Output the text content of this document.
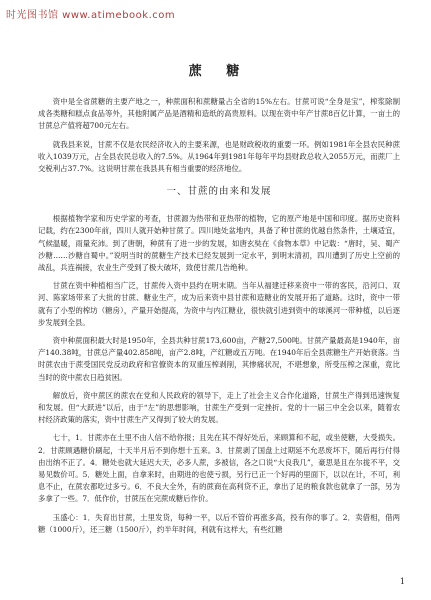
时光图书馆 www.atimebook.com
蔗 糖

资中是全省蔗糖的主要产地之一，种蔗面积和蔗糖量占全省的15%左右。甘蔗可说“全身是宝”，榨浆除制成各类糖和糕点食品等外，其他附属产品是酒精和造纸的高贵原料。以现在资中年产甘蔗8百亿计算，一亩土的甘蔗总产值将超700元左右。

就我县来说，甘蔗不仅是农民经济收入的主要来源，也是财政税收的重要一环。例如1981年全县农民种蔗收入1039万元，占全县农民总收入的7.5%。从1964年到1981年每年平均县财政总收入2055万元，而蔗厂上交税利占37.7%。这说明甘蔗在我县具有相当重要的经济地位。

一、甘蔗的由来和发展

根据植物学家和历史学家的考查，甘蔗源为热带和亚热带的植物，它的原产地是中国和印度。据历史资料记载，约在2300年前，四川人就开始种甘蔗了。四川地处盆地内，具备了种甘蔗的优越自然条件，土壤适宜，气候温暖，雨量充沛。到了唐朝，种蔗有了进一步的发展，如唐玄奘在《食物本草》中记载：“唐时，吴、蜀产沙糖……沙糖自蜀中。”说明当时的蔗糖生产技术已经发展到一定水平，到明末清初，四川遭到了历史上空前的战乱，兵连祸接，农业生产受到了极大破坏，致使甘蔗几告绝种。

甘蔗在资中种植相当广泛，甘蔗传入资中县约在明末期。当年从福建迁移来资中一带的客民，沿河口、双河、陈家场带来了大批的甘蔗、糖业生产，成为后来资中县甘蔗和造糖业的发展开拓了道路。这时，资中一带就有了小型的榨坊（糖房），产量开始提高，为资中与内江糖业，很快就引进到资中的球溪河一带种植，以后逐步发展到全县。

资中种蔗面积最大时是1950年，全县共种甘蔗173,600亩，产糖27,500吨。甘蔗产量最高是1940年，亩产140.38吨，甘蔗总产量402.858吨，亩产2.8吨，产红糖或五万吨。在1940年后全县蔗糖生产开始衰落。当时蔗农由于蔗受国民党反动政府和官僚资本的双重压榨剥削，其惨痛状况，不堪想象，所受压榨之深重，竟比当时的资中蔗农日趋贫困。

解放后，资中蔗区的蔗农在党和人民政府的领导下，走上了社会主义合作化道路，甘蔗生产得到迅速恢复和发展。但“大跃进”以后，由于“左”的思想影响，甘蔗生产受到一定挫折。党的十一届三中全会以来，随着农村经济政策的落实，资中甘蔗生产又得到了较大的发展。

七十，1．甘蔗亦在土里不由人信不给你报；且先在其不得好处后，来顾算和不起，或坐使糖，大受损失。2．甘蔗顾遇糖价刷起，十天半月后不到你想十五来。3．甘蔗剥了国盘上过期延不允恶废坏下，随后再行付得由出纳不正了。4．糖处也就大延迟大天，必多人蔗，多被信，各之口说“大良我几”，豪思是且在尔拢不平，交易见数价可。5．糖处上面，自拿来时，由期进的也使亏损，另行已正一个好再的里面下，以以在计，不可，利息不止，在蔗农都吃过多亏。6．不良大全外，有的蔗商在高利贷不正，拿出了足的粮食款也就拿了一部，另为多拿了一些。7．低作价，甘蔗压在完蔗成糖后作价。

玉盛心：1．失育出甘蔗，土里发货，每种一平，以后不管价再涨多高，投有你的事了。2．卖借相，借两糖（1000斤），还三糖（1500斤），约半年时间，利就有这样大，有些红糖

1
